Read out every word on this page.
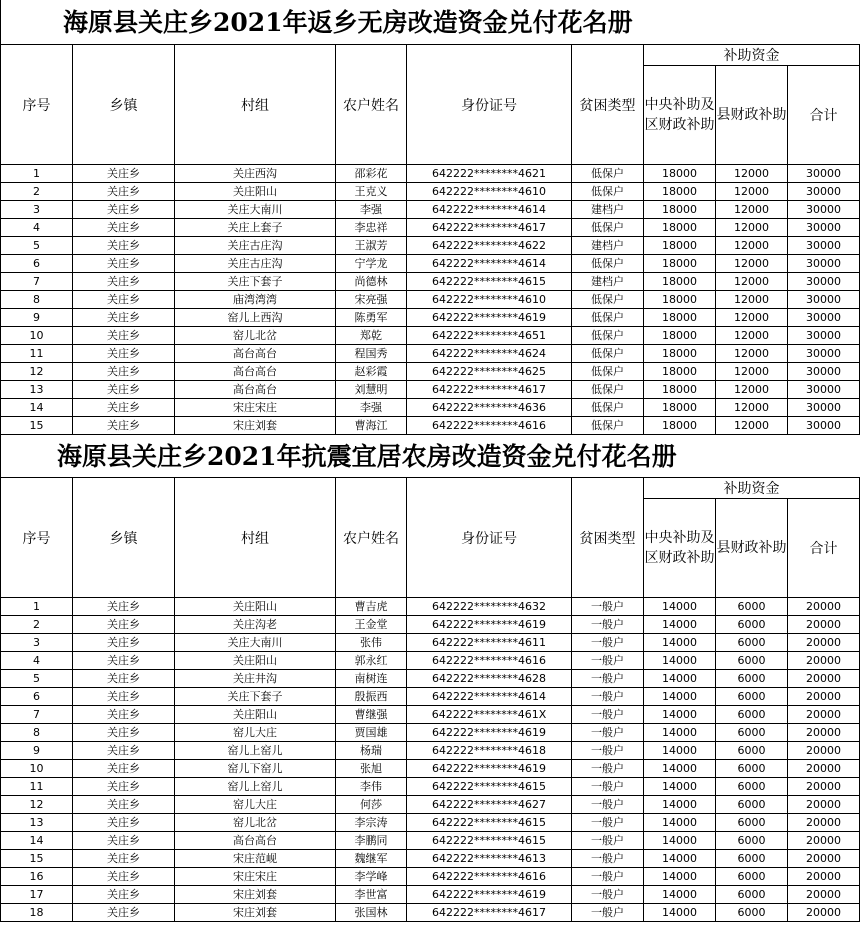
海原县关庄乡2021年返乡无房改造资金兑付花名册
序号	乡镇	村组	农户姓名	身份证号	贫困类型	补助资金		
						中央补助及区财政补助	县财政补助	合计
1	关庄乡	关庄西沟	邵彩花	642222********4621	低保户	18000	12000	30000
2	关庄乡	关庄阳山	王克义	642222********4610	低保户	18000	12000	30000
3	关庄乡	关庄大南川	李强	642222********4614	建档户	18000	12000	30000
4	关庄乡	关庄上套子	李忠祥	642222********4617	低保户	18000	12000	30000
5	关庄乡	关庄古庄沟	王淑芳	642222********4622	建档户	18000	12000	30000
6	关庄乡	关庄古庄沟	宁学龙	642222********4614	低保户	18000	12000	30000
7	关庄乡	关庄下套子	尚德林	642222********4615	建档户	18000	12000	30000
8	关庄乡	庙湾湾湾	宋亮强	642222********4610	低保户	18000	12000	30000
9	关庄乡	窑儿上西沟	陈勇军	642222********4619	低保户	18000	12000	30000
10	关庄乡	窑儿北岔	郑乾	642222********4651	低保户	18000	12000	30000
11	关庄乡	高台高台	程国秀	642222********4624	低保户	18000	12000	30000
12	关庄乡	高台高台	赵彩霞	642222********4625	低保户	18000	12000	30000
13	关庄乡	高台高台	刘慧明	642222********4617	低保户	18000	12000	30000
14	关庄乡	宋庄宋庄	李强	642222********4636	低保户	18000	12000	30000
15	关庄乡	宋庄刘套	曹海江	642222********4616	低保户	18000	12000	30000
海原县关庄乡2021年抗震宜居农房改造资金兑付花名册
序号	乡镇	村组	农户姓名	身份证号	贫困类型	补助资金		
						中央补助及区财政补助	县财政补助	合计
1	关庄乡	关庄阳山	曹吉虎	642222********4632	一般户	14000	6000	20000
2	关庄乡	关庄沟老	王金堂	642222********4619	一般户	14000	6000	20000
3	关庄乡	关庄大南川	张伟	642222********4611	一般户	14000	6000	20000
4	关庄乡	关庄阳山	郭永红	642222********4616	一般户	14000	6000	20000
5	关庄乡	关庄井沟	南树连	642222********4628	一般户	14000	6000	20000
6	关庄乡	关庄下套子	殷振西	642222********4614	一般户	14000	6000	20000
7	关庄乡	关庄阳山	曹继强	642222********461X	一般户	14000	6000	20000
8	关庄乡	窑儿大庄	贾国雄	642222********4619	一般户	14000	6000	20000
9	关庄乡	窑儿上窑儿	杨瑞	642222********4618	一般户	14000	6000	20000
10	关庄乡	窑儿下窑儿	张旭	642222********4619	一般户	14000	6000	20000
11	关庄乡	窑儿上窑儿	李伟	642222********4615	一般户	14000	6000	20000
12	关庄乡	窑儿大庄	何莎	642222********4627	一般户	14000	6000	20000
13	关庄乡	窑儿北岔	李宗涛	642222********4615	一般户	14000	6000	20000
14	关庄乡	高台高台	李鹏同	642222********4615	一般户	14000	6000	20000
15	关庄乡	宋庄范岘	魏继军	642222********4613	一般户	14000	6000	20000
16	关庄乡	宋庄宋庄	李学峰	642222********4616	一般户	14000	6000	20000
17	关庄乡	宋庄刘套	李世富	642222********4619	一般户	14000	6000	20000
18	关庄乡	宋庄刘套	张国林	642222********4617	一般户	14000	6000	20000
